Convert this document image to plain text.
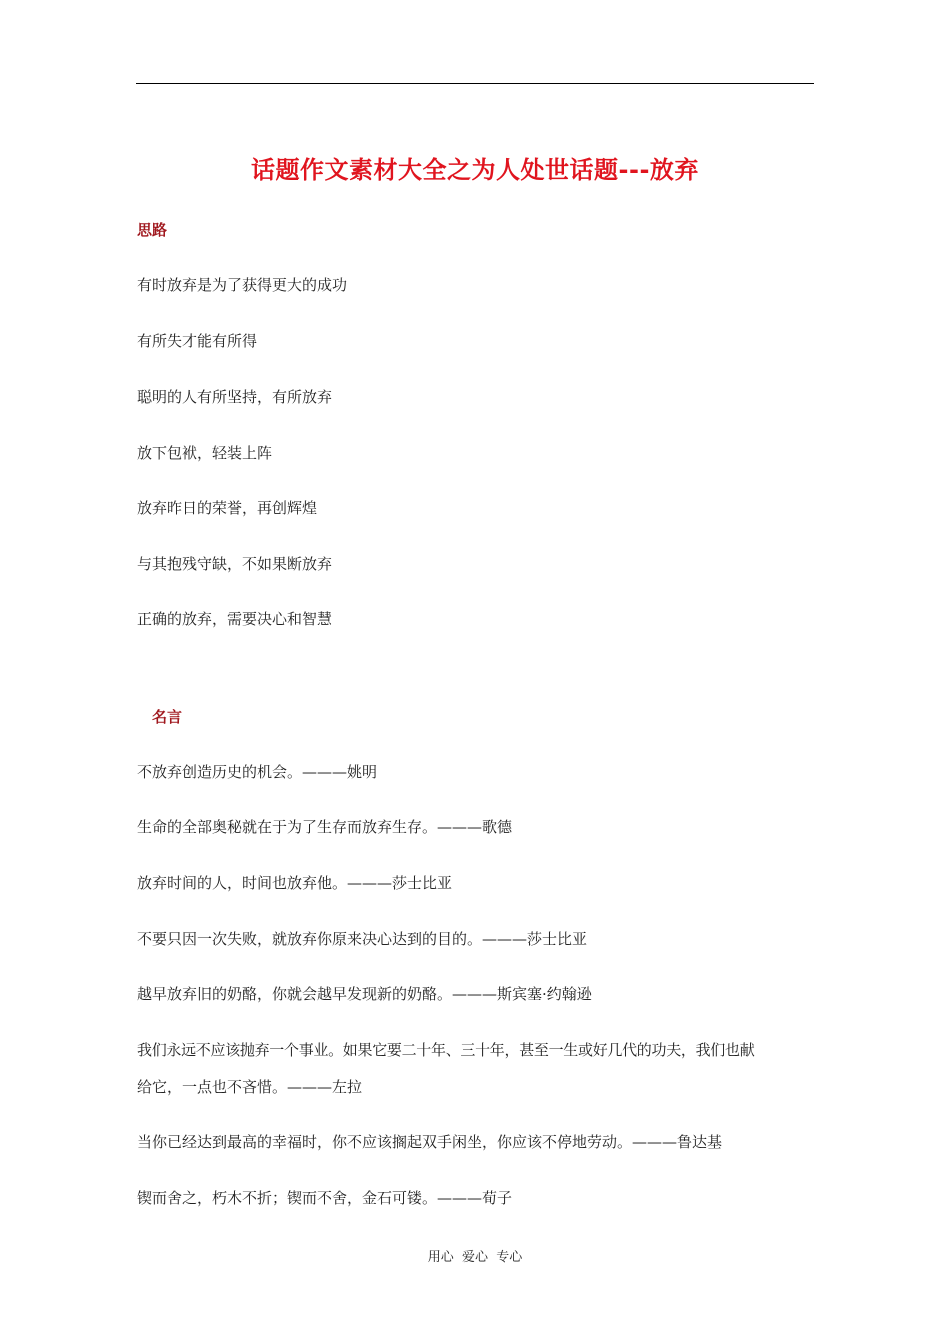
话题作文素材大全之为人处世话题---放弃
思路
有时放弃是为了获得更大的成功
有所失才能有所得
聪明的人有所坚持，有所放弃
放下包袱，轻装上阵
放弃昨日的荣誉，再创辉煌
与其抱残守缺，不如果断放弃
正确的放弃，需要决心和智慧
名言
不放弃创造历史的机会。———姚明
生命的全部奥秘就在于为了生存而放弃生存。———歌德
放弃时间的人，时间也放弃他。———莎士比亚
不要只因一次失败，就放弃你原来决心达到的目的。———莎士比亚
越早放弃旧的奶酪，你就会越早发现新的奶酪。———斯宾塞·约翰逊
我们永远不应该抛弃一个事业。如果它要二十年、三十年，甚至一生或好几代的功夫，我们也献
给它，一点也不吝惜。———左拉
当你已经达到最高的幸福时，你不应该搁起双手闲坐，你应该不停地劳动。———鲁达基
锲而舍之，朽木不折；锲而不舍，金石可镂。———荀子
用心  爱心  专心
